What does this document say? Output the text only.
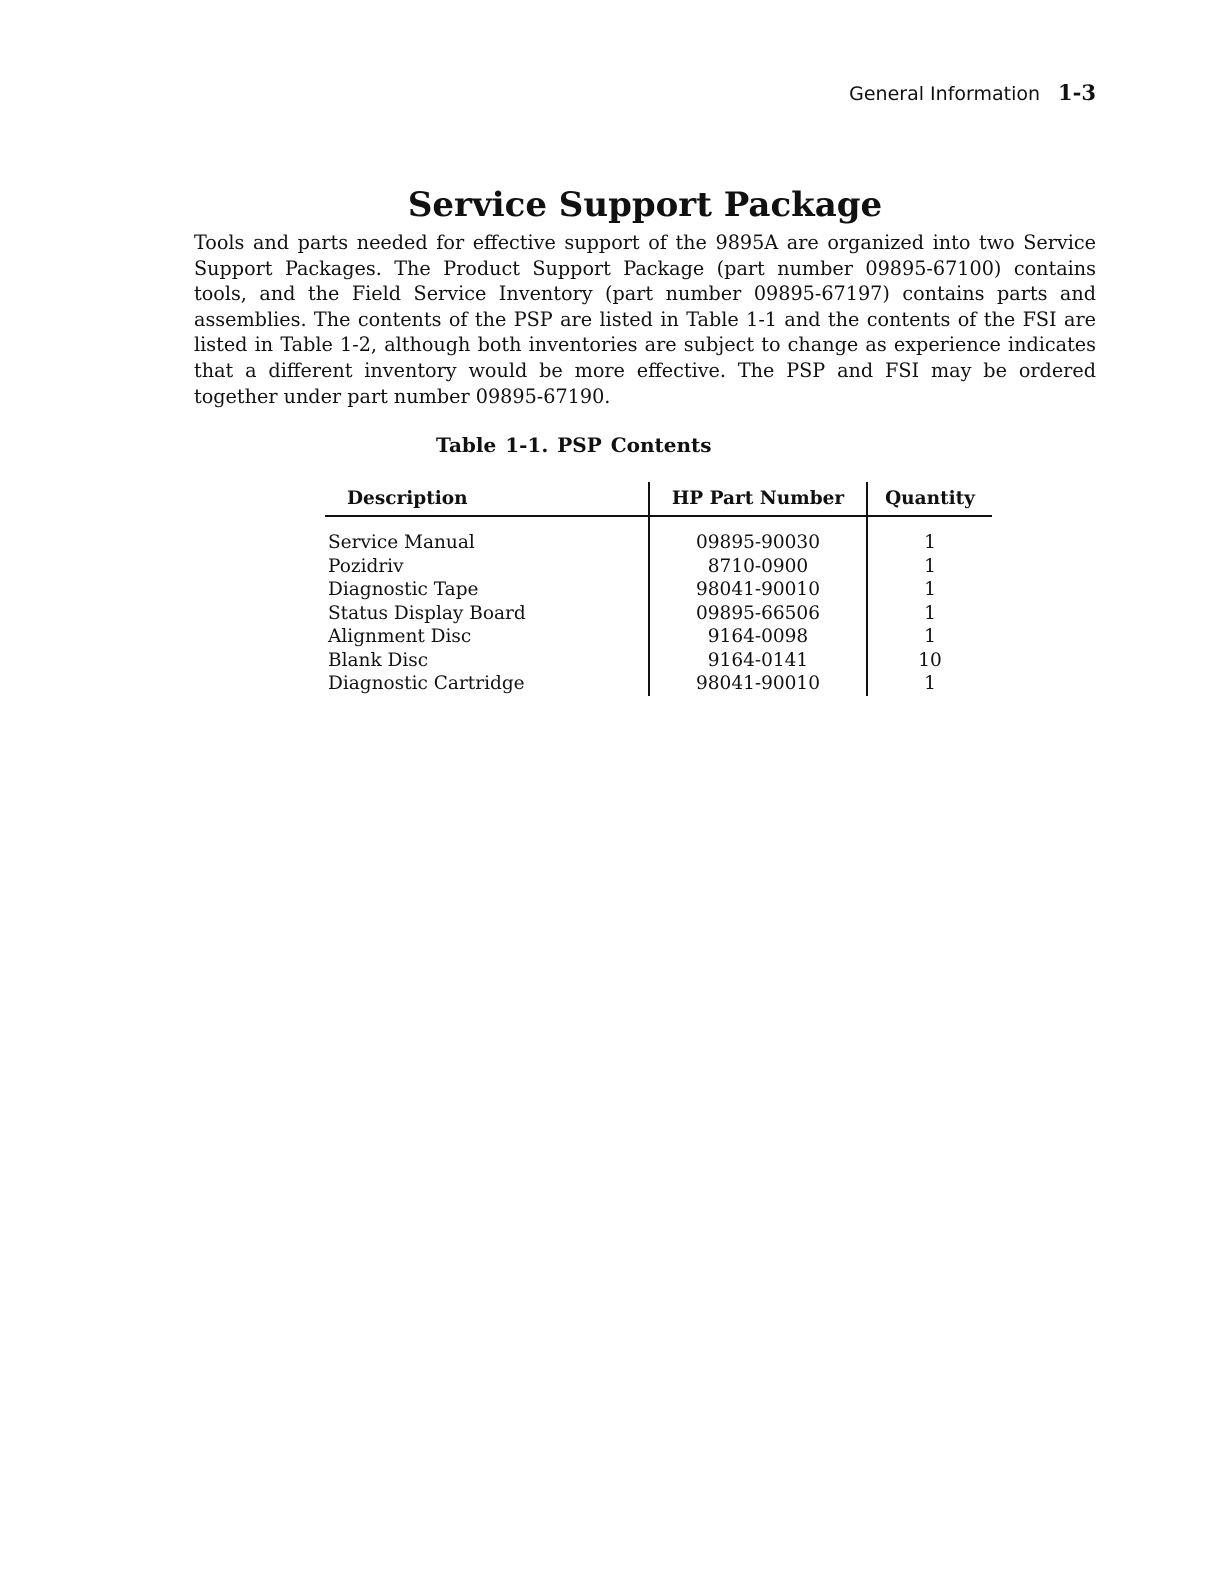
General Information 1-3
Service Support Package

Tools and parts needed for effective support of the 9895A are organized into two Service Support Packages. The Product Support Package (part number 09895-67100) contains tools, and the Field Service Inventory (part number 09895-67197) contains parts and assemblies. The contents of the PSP are listed in Table 1-1 and the contents of the FSI are listed in Table 1-2, although both inventories are subject to change as experience indicates that a different inventory would be more effective. The PSP and FSI may be ordered together under part number 09895-67190.

Table 1-1. PSP Contents

Description	HP Part Number	Quantity
Service Manual	09895-90030	1
Pozidriv	8710-0900	1
Diagnostic Tape	98041-90010	1
Status Display Board	09895-66506	1
Alignment Disc	9164-0098	1
Blank Disc	9164-0141	10
Diagnostic Cartridge	98041-90010	1
